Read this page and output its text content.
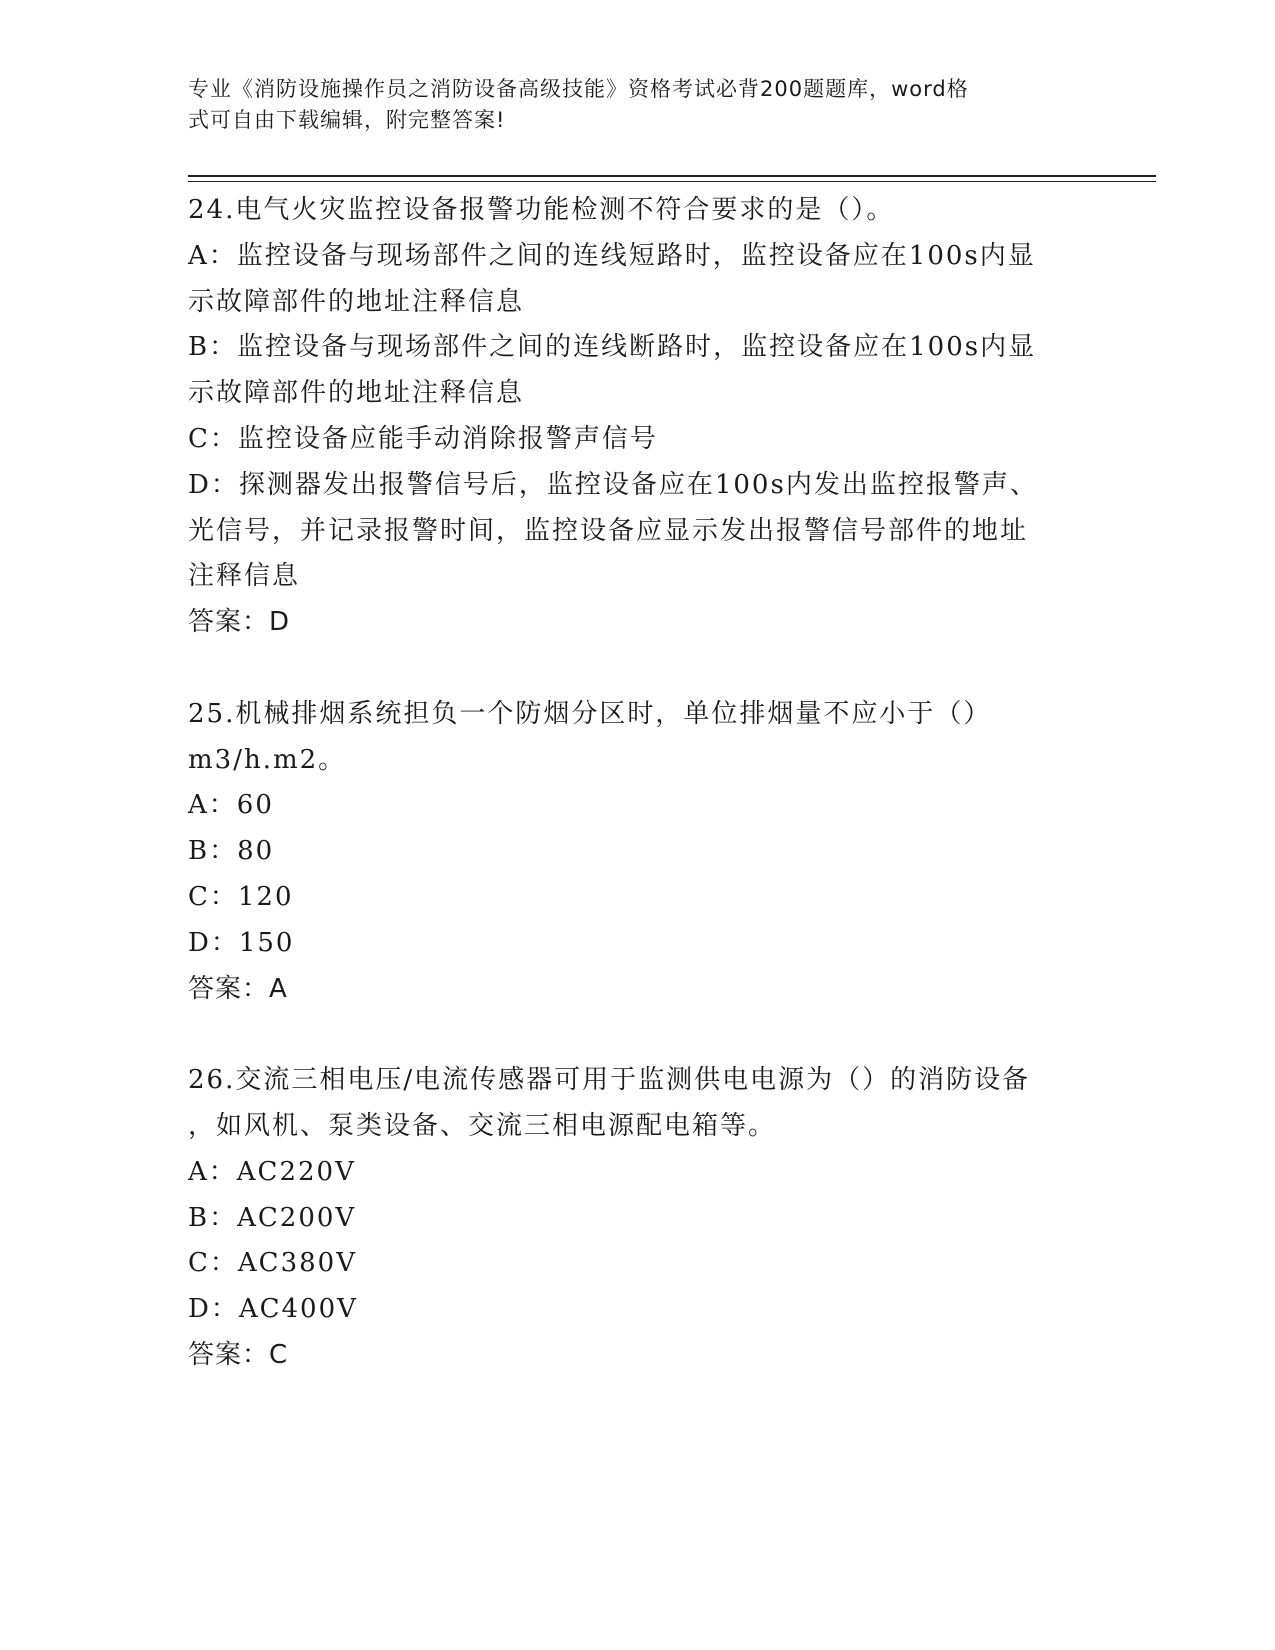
专业《消防设施操作员之消防设备高级技能》资格考试必背200题题库，word格
式可自由下载编辑，附完整答案!
24.电气火灾监控设备报警功能检测不符合要求的是（）。
A：监控设备与现场部件之间的连线短路时，监控设备应在100s内显
示故障部件的地址注释信息
B：监控设备与现场部件之间的连线断路时，监控设备应在100s内显
示故障部件的地址注释信息
C：监控设备应能手动消除报警声信号
D：探测器发出报警信号后，监控设备应在100s内发出监控报警声、
光信号，并记录报警时间，监控设备应显示发出报警信号部件的地址
注释信息
答案：D
25.机械排烟系统担负一个防烟分区时，单位排烟量不应小于（）
m3/h.m2。
A：60
B：80
C：120
D：150
答案：A
26.交流三相电压/电流传感器可用于监测供电电源为（）的消防设备
，如风机、泵类设备、交流三相电源配电箱等。
A：AC220V
B：AC200V
C：AC380V
D：AC400V
答案：C
